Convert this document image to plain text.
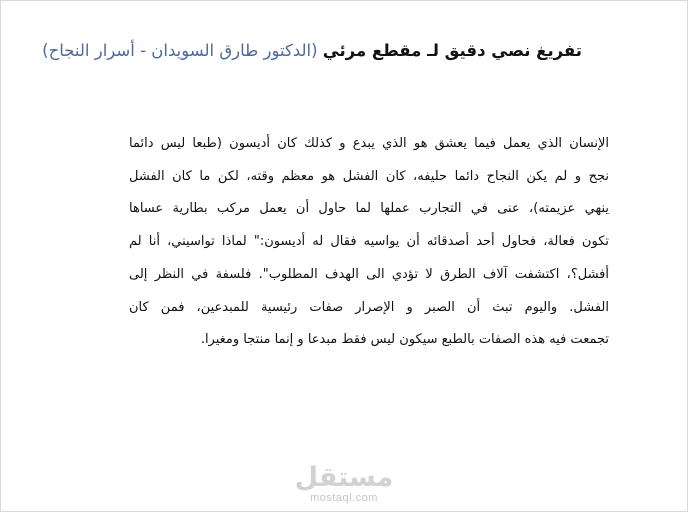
تفريغ نصي دقيق لـ مقطع مرئي (الدكتور طارق السويدان - أسرار النجاح)
الإنسان الذي يعمل فيما يعشق هو الذي يبدع و كذلك كان أديسون (طبعا ليس دائما
نجح و لم يكن النجاح دائما حليفه، كان الفشل هو معظم وقته، لكن ما كان الفشل
ينهي عزيمته)، عنى في التجارب عملها لما حاول أن يعمل مركب بطارية عساها
تكون فعالة، فحاول أحد أصدقائه أن يواسيه فقال له أديسون:" لماذا تواسيني، أنا لم
أفشل؟، اكتشفت آلاف الطرق لا تؤدي الى الهدف المطلوب". فلسفة في النظر إلى
الفشل. واليوم تبث أن الصبر و الإصرار صفات رئيسية للمبدعين، فمن كان
تجمعت فيه هذه الصفات بالطبع سيكون ليس فقط مبدعا و إنما منتجا ومغيرا.
مستقل
mostaql.com
